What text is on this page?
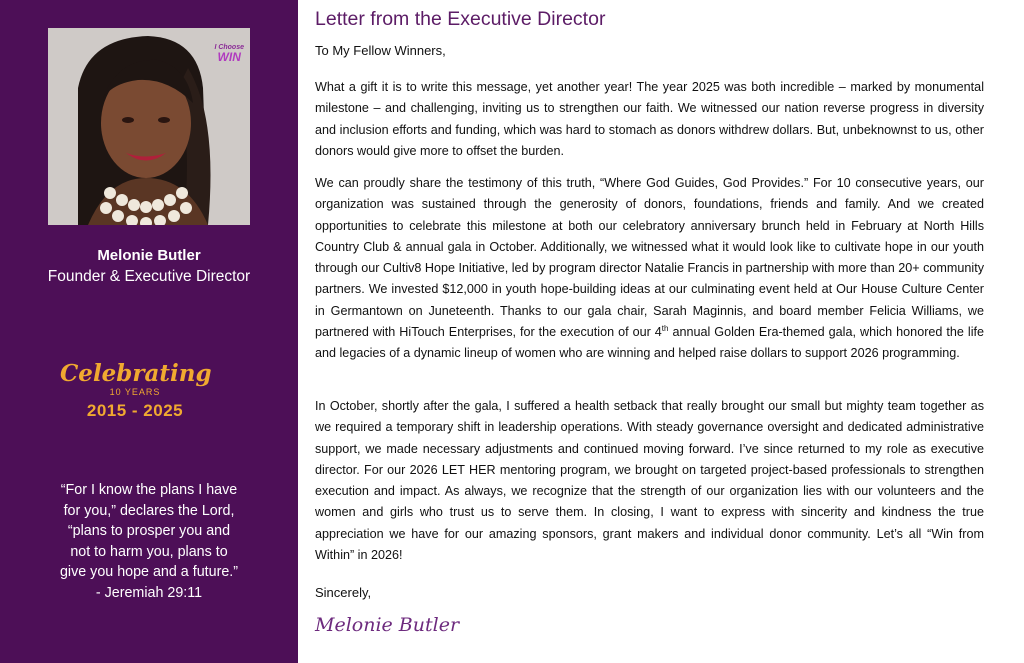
I Choose
WIN
Melonie Butler
Founder & Executive Director
Celebrating
10 YEARS
2015 - 2025
“For I know the plans I have
for you,” declares the Lord,
“plans to prosper you and
not to harm you, plans to
give you hope and a future.”
- Jeremiah 29:11
Letter from the Executive Director
To My Fellow Winners,
What a gift it is to write this message, yet another year! The year 2025 was both incredible – marked by monumental milestone – and challenging, inviting us to strengthen our faith. We witnessed our nation reverse progress in diversity and inclusion efforts and funding, which was hard to stomach as donors withdrew dollars. But, unbeknownst to us, other donors would give more to offset the burden.
We can proudly share the testimony of this truth, “Where God Guides, God Provides.” For 10 consecutive years, our organization was sustained through the generosity of donors, foundations, friends and family. And we created opportunities to celebrate this milestone at both our celebratory anniversary brunch held in February at North Hills Country Club & annual gala in October. Additionally, we witnessed what it would look like to cultivate hope in our youth through our Cultiv8 Hope Initiative, led by program director Natalie Francis in partnership with more than 20+ community partners. We invested $12,000 in youth hope-building ideas at our culminating event held at Our House Culture Center in Germantown on Juneteenth. Thanks to our gala chair, Sarah Maginnis, and board member Felicia Williams, we partnered with HiTouch Enterprises, for the execution of our 4th annual Golden Era-themed gala, which honored the life and legacies of a dynamic lineup of women who are winning and helped raise dollars to support 2026 programming.
In October, shortly after the gala, I suffered a health setback that really brought our small but mighty team together as we required a temporary shift in leadership operations. With steady governance oversight and dedicated administrative support, we made necessary adjustments and continued moving forward. I’ve since returned to my role as executive director. For our 2026 LET HER mentoring program, we brought on targeted project-based professionals to strengthen execution and impact. As always, we recognize that the strength of our organization lies with our volunteers and the women and girls who trust us to serve them. In closing, I want to express with sincerity and kindness the true appreciation we have for our amazing sponsors, grant makers and individual donor community. Let’s all “Win from Within” in 2026!
Sincerely,
Melonie Butler
